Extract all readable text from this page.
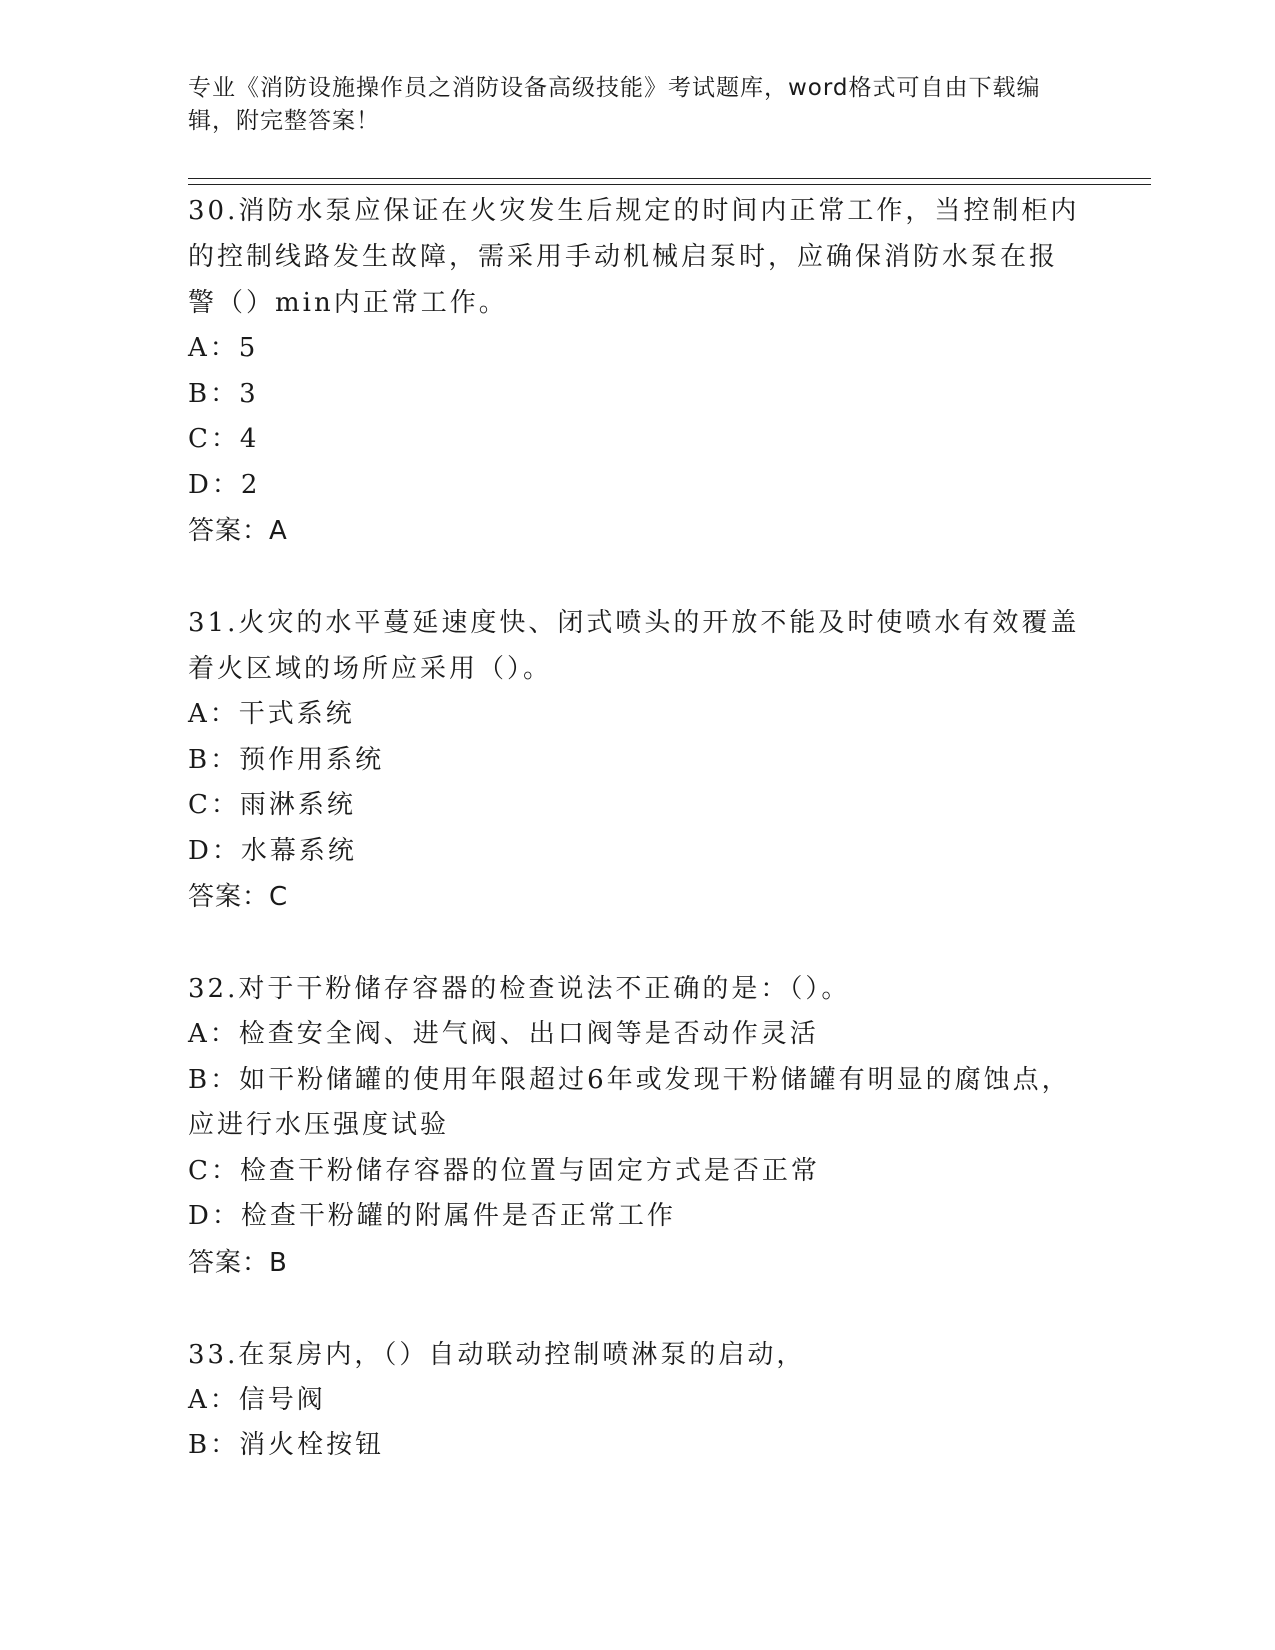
专业《消防设施操作员之消防设备高级技能》考试题库，word格式可自由下载编
辑，附完整答案！
30.消防水泵应保证在火灾发生后规定的时间内正常工作，当控制柜内
的控制线路发生故障，需采用手动机械启泵时，应确保消防水泵在报
警（）min内正常工作。
A：5
B：3
C：4
D：2
答案：A
31.火灾的水平蔓延速度快、闭式喷头的开放不能及时使喷水有效覆盖
着火区域的场所应采用（）。
A：干式系统
B：预作用系统
C：雨淋系统
D：水幕系统
答案：C
32.对于干粉储存容器的检查说法不正确的是：（）。
A：检查安全阀、进气阀、出口阀等是否动作灵活
B：如干粉储罐的使用年限超过6年或发现干粉储罐有明显的腐蚀点，
应进行水压强度试验
C：检查干粉储存容器的位置与固定方式是否正常
D：检查干粉罐的附属件是否正常工作
答案：B
33.在泵房内，（）自动联动控制喷淋泵的启动，
A：信号阀
B：消火栓按钮
